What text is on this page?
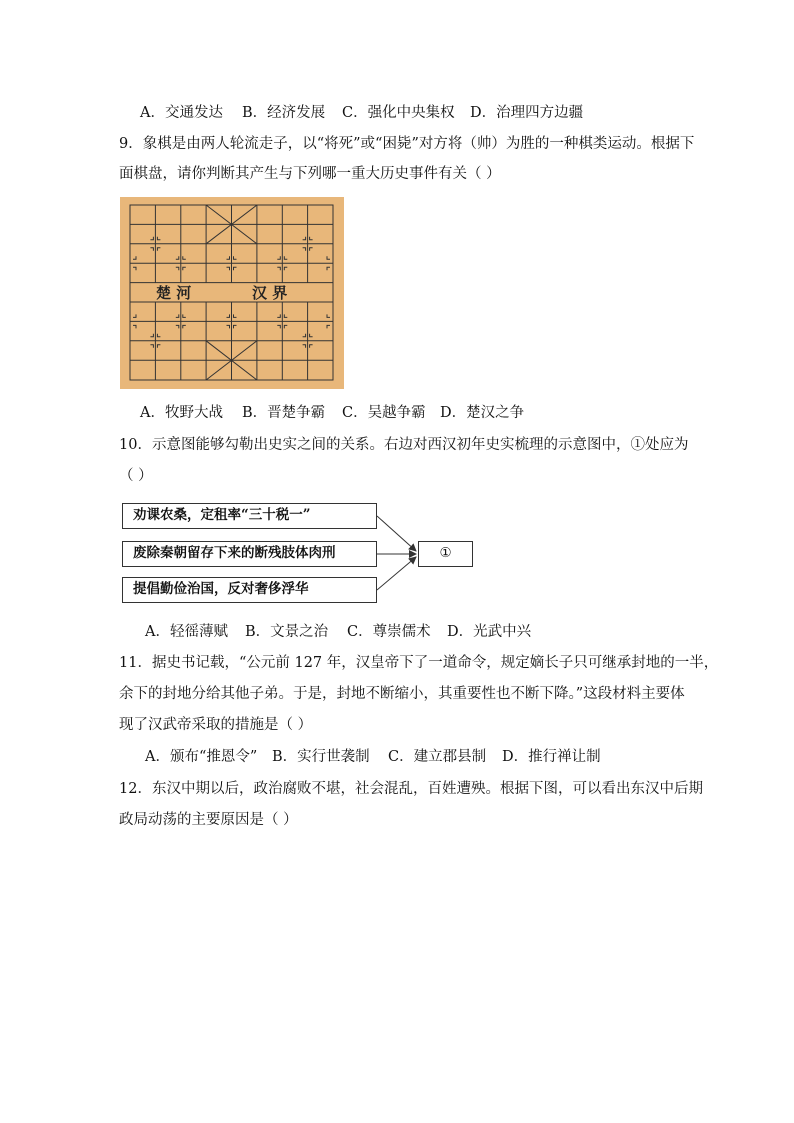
A．交通发达 B．经济发展 C．强化中央集权 D．治理四方边疆
9．象棋是由两人轮流走子，以“将死”或“困毙”对方将（帅）为胜的一种棋类运动。根据下
面棋盘，请你判断其产生与下列哪一重大历史事件有关（ ）
楚 河	汉 界
A．牧野大战 B．晋楚争霸 C．吴越争霸 D．楚汉之争
10．示意图能够勾勒出史实之间的关系。右边对西汉初年史实梳理的示意图中，①处应为
（ ）
劝课农桑，定租率“三十税一”
废除秦朝留存下来的断残肢体肉刑
提倡勤俭治国，反对奢侈浮华
①
A．轻徭薄赋 B．文景之治 C．尊崇儒术 D．光武中兴
11．据史书记载，“公元前 127 年，汉皇帝下了一道命令，规定嫡长子只可继承封地的一半，
余下的封地分给其他子弟。于是，封地不断缩小，其重要性也不断下降。”这段材料主要体
现了汉武帝采取的措施是（ ）
A．颁布“推恩令” B．实行世袭制 C．建立郡县制 D．推行禅让制
12．东汉中期以后，政治腐败不堪，社会混乱，百姓遭殃。根据下图，可以看出东汉中后期
政局动荡的主要原因是（ ）
